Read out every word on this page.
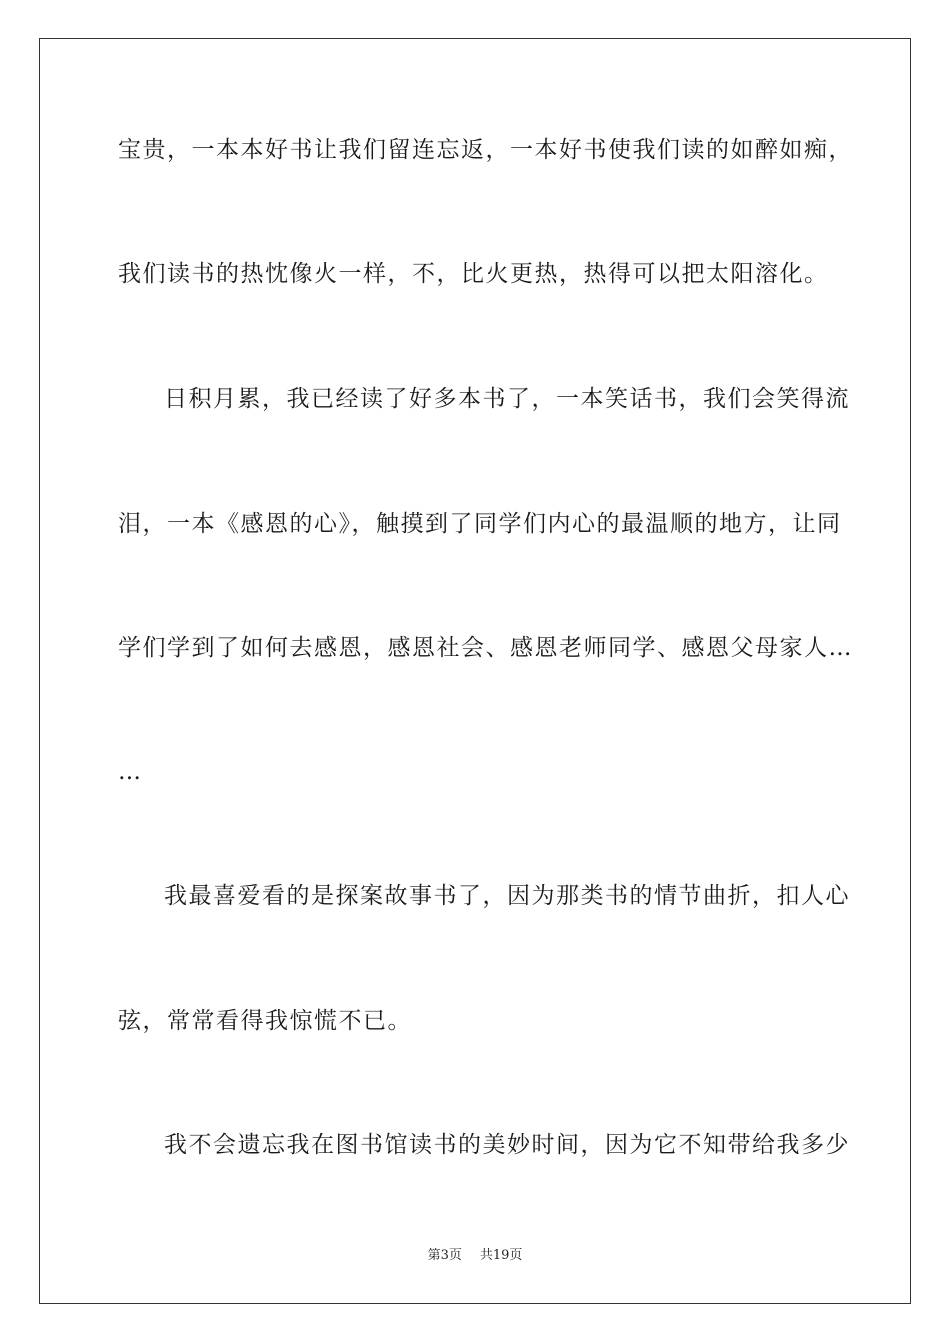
宝贵，一本本好书让我们留连忘返，一本好书使我们读的如醉如痴，
我们读书的热忱像火一样，不，比火更热，热得可以把太阳溶化。
日积月累，我已经读了好多本书了，一本笑话书，我们会笑得流
泪，一本《感恩的心》，触摸到了同学们内心的最温顺的地方，让同
学们学到了如何去感恩，感恩社会、感恩老师同学、感恩父母家人…
…
我最喜爱看的是探案故事书了，因为那类书的情节曲折，扣人心
弦，常常看得我惊慌不已。
我不会遗忘我在图书馆读书的美妙时间，因为它不知带给我多少
第3页 共19页
